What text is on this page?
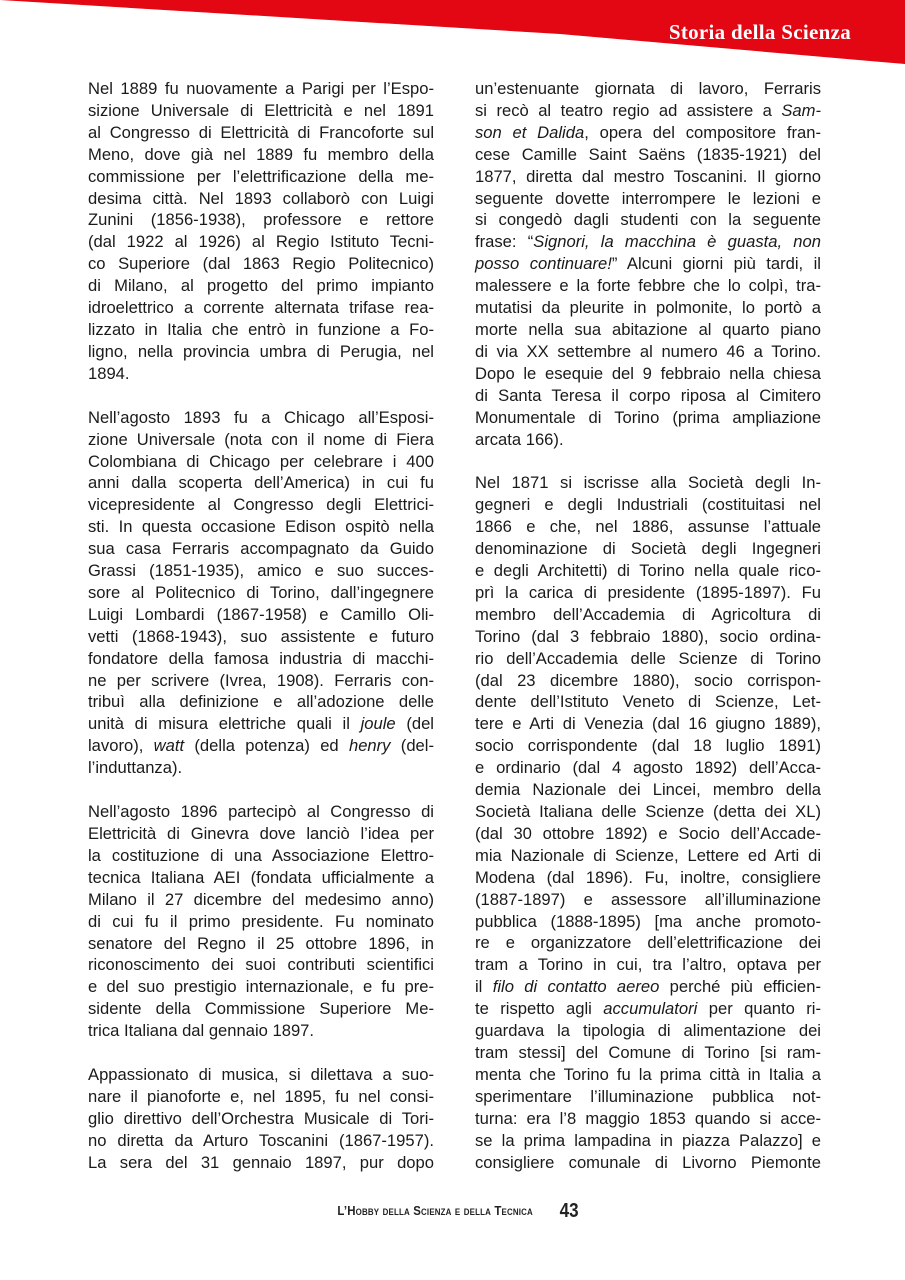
Storia della Scienza

Nel 1889 fu nuovamente a Parigi per l’Espo-
sizione Universale di Elettricità e nel 1891
al Congresso di Elettricità di Francoforte sul
Meno, dove già nel 1889 fu membro della
commissione per l’elettrificazione della me-
desima città. Nel 1893 collaborò con Luigi
Zunini (1856-1938), professore e rettore
(dal 1922 al 1926) al Regio Istituto Tecni-
co Superiore (dal 1863 Regio Politecnico)
di Milano, al progetto del primo impianto
idroelettrico a corrente alternata trifase rea-
lizzato in Italia che entrò in funzione a Fo-
ligno, nella provincia umbra di Perugia, nel
1894.

Nell’agosto 1893 fu a Chicago all’Esposi-
zione Universale (nota con il nome di Fiera
Colombiana di Chicago per celebrare i 400
anni dalla scoperta dell’America) in cui fu
vicepresidente al Congresso degli Elettrici-
sti. In questa occasione Edison ospitò nella
sua casa Ferraris accompagnato da Guido
Grassi (1851-1935), amico e suo succes-
sore al Politecnico di Torino, dall’ingegnere
Luigi Lombardi (1867-1958) e Camillo Oli-
vetti (1868-1943), suo assistente e futuro
fondatore della famosa industria di macchi-
ne per scrivere (Ivrea, 1908). Ferraris con-
tribuì alla definizione e all’adozione delle
unità di misura elettriche quali il joule (del
lavoro), watt (della potenza) ed henry (del-
l’induttanza).

Nell’agosto 1896 partecipò al Congresso di
Elettricità di Ginevra dove lanciò l’idea per
la costituzione di una Associazione Elettro-
tecnica Italiana AEI (fondata ufficialmente a
Milano il 27 dicembre del medesimo anno)
di cui fu il primo presidente. Fu nominato
senatore del Regno il 25 ottobre 1896, in
riconoscimento dei suoi contributi scientifici
e del suo prestigio internazionale, e fu pre-
sidente della Commissione Superiore Me-
trica Italiana dal gennaio 1897.

Appassionato di musica, si dilettava a suo-
nare il pianoforte e, nel 1895, fu nel consi-
glio direttivo dell’Orchestra Musicale di Tori-
no diretta da Arturo Toscanini (1867-1957).
La sera del 31 gennaio 1897, pur dopo

un’estenuante giornata di lavoro, Ferraris
si recò al teatro regio ad assistere a Sam-
son et Dalida, opera del compositore fran-
cese Camille Saint Saëns (1835-1921) del
1877, diretta dal mestro Toscanini. Il giorno
seguente dovette interrompere le lezioni e
si congedò dagli studenti con la seguente
frase: “Signori, la macchina è guasta, non
posso continuare!” Alcuni giorni più tardi, il
malessere e la forte febbre che lo colpì, tra-
mutatisi da pleurite in polmonite, lo portò a
morte nella sua abitazione al quarto piano
di via XX settembre al numero 46 a Torino.
Dopo le esequie del 9 febbraio nella chiesa
di Santa Teresa il corpo riposa al Cimitero
Monumentale di Torino (prima ampliazione
arcata 166).

Nel 1871 si iscrisse alla Società degli In-
gegneri e degli Industriali (costituitasi nel
1866 e che, nel 1886, assunse l’attuale
denominazione di Società degli Ingegneri
e degli Architetti) di Torino nella quale rico-
prì la carica di presidente (1895-1897). Fu
membro dell’Accademia di Agricoltura di
Torino (dal 3 febbraio 1880), socio ordina-
rio dell’Accademia delle Scienze di Torino
(dal 23 dicembre 1880), socio corrispon-
dente dell’Istituto Veneto di Scienze, Let-
tere e Arti di Venezia (dal 16 giugno 1889),
socio corrispondente (dal 18 luglio 1891)
e ordinario (dal 4 agosto 1892) dell’Acca-
demia Nazionale dei Lincei, membro della
Società Italiana delle Scienze (detta dei XL)
(dal 30 ottobre 1892) e Socio dell’Accade-
mia Nazionale di Scienze, Lettere ed Arti di
Modena (dal 1896). Fu, inoltre, consigliere
(1887-1897) e assessore all’illuminazione
pubblica (1888-1895) [ma anche promoto-
re e organizzatore dell’elettrificazione dei
tram a Torino in cui, tra l’altro, optava per
il filo di contatto aereo perché più efficien-
te rispetto agli accumulatori per quanto ri-
guardava la tipologia di alimentazione dei
tram stessi] del Comune di Torino [si ram-
menta che Torino fu la prima città in Italia a
sperimentare l’illuminazione pubblica not-
turna: era l’8 maggio 1853 quando si acce-
se la prima lampadina in piazza Palazzo] e
consigliere comunale di Livorno Piemonte

L’Hobby della Scienza e della Tecnica 43
